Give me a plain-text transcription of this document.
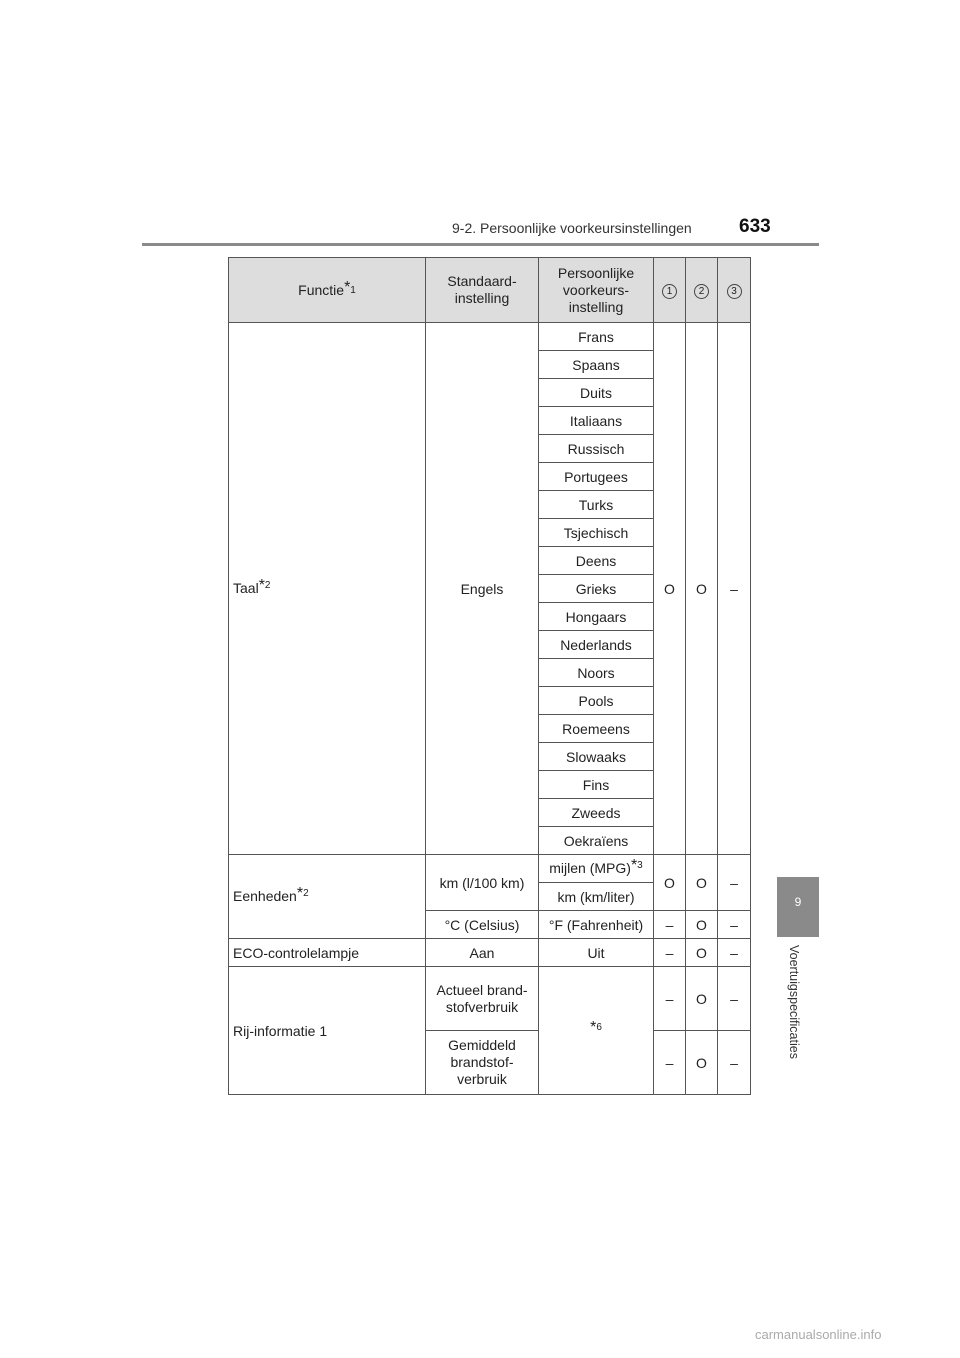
9-2. Persoonlijke voorkeursinstellingen 633
9
Voertuigspecificaties
Functie$^{*1}$	Standaard-instelling	Persoonlijke voorkeurs-instelling	1	2	3
Taal$^{*2}$	Engels	Frans	O	O	–
		Spaans			
		Duits			
		Italiaans			
		Russisch			
		Portugees			
		Turks			
		Tsjechisch			
		Deens			
		Grieks			
		Hongaars			
		Nederlands			
		Noors			
		Pools			
		Roemeens			
		Slowaaks			
		Fins			
		Zweeds			
		Oekraïens			
Eenheden$^{*2}$	km (l/100 km)	mijlen (MPG)$^{*3}$	O	O	–
		km (km/liter)			
	°C (Celsius)	°F (Fahrenheit)	–	O	–
ECO-controlelampje	Aan	Uit	–	O	–
Rij-informatie 1	Actueel brand-stofverbruik	$^{*6}$	–	O	–
	Gemiddeld brandstof-verbruik		–	O	–
carmanualsonline.info
